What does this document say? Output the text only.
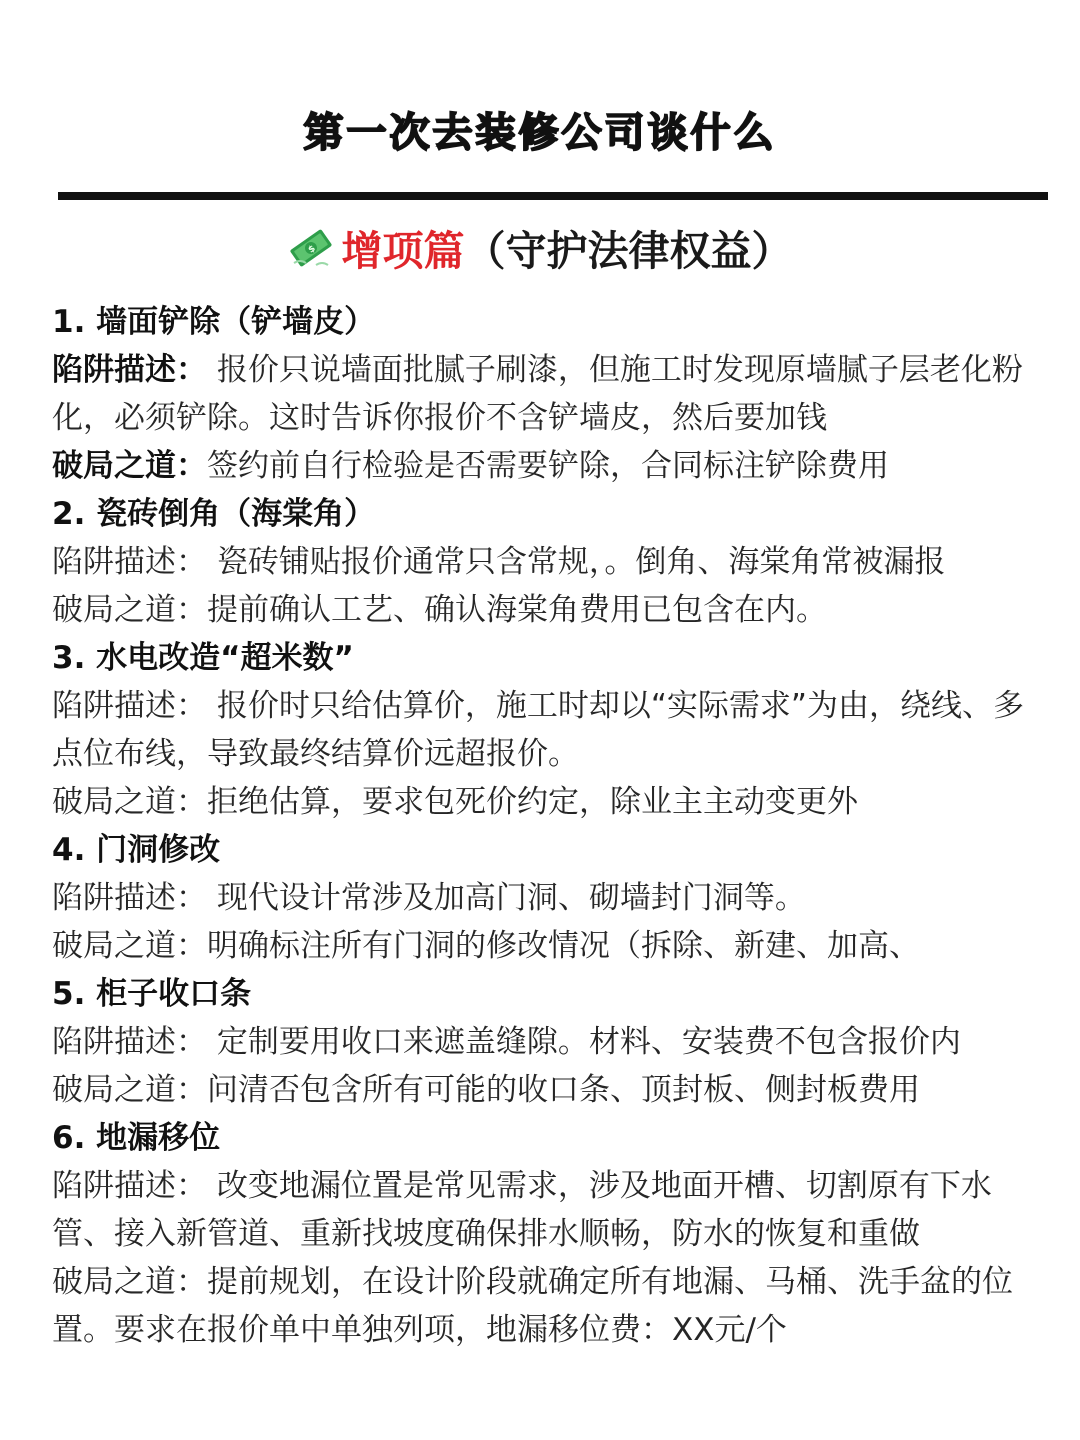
第一次去装修公司谈什么
$ 增项篇（守护法律权益）
1. 墙面铲除（铲墙皮）

陷阱描述： 报价只说墙面批腻子刷漆，但施工时发现原墙腻子层老化粉化，必须铲除。这时告诉你报价不含铲墙皮，然后要加钱

破局之道：签约前自行检验是否需要铲除，合同标注铲除费用

2. 瓷砖倒角（海棠角）

陷阱描述： 瓷砖铺贴报价通常只含常规，。倒角、海棠角常被漏报

破局之道：提前确认工艺、确认海棠角费用已包含在内。

3. 水电改造“超米数”

陷阱描述： 报价时只给估算价，施工时却以“实际需求”为由，绕线、多点位布线，导致最终结算价远超报价。

破局之道：拒绝估算，要求包死价约定，除业主主动变更外

4. 门洞修改

陷阱描述： 现代设计常涉及加高门洞、砌墙封门洞等。

破局之道：明确标注所有门洞的修改情况（拆除、新建、加高、

5. 柜子收口条

陷阱描述： 定制要用收口来遮盖缝隙。材料、安装费不包含报价内

破局之道：问清否包含所有可能的收口条、顶封板、侧封板费用

6. 地漏移位

陷阱描述： 改变地漏位置是常见需求，涉及地面开槽、切割原有下水管、接入新管道、重新找坡度确保排水顺畅，防水的恢复和重做

破局之道：提前规划，在设计阶段就确定所有地漏、马桶、洗手盆的位置。要求在报价单中单独列项，地漏移位费：XX元/个
